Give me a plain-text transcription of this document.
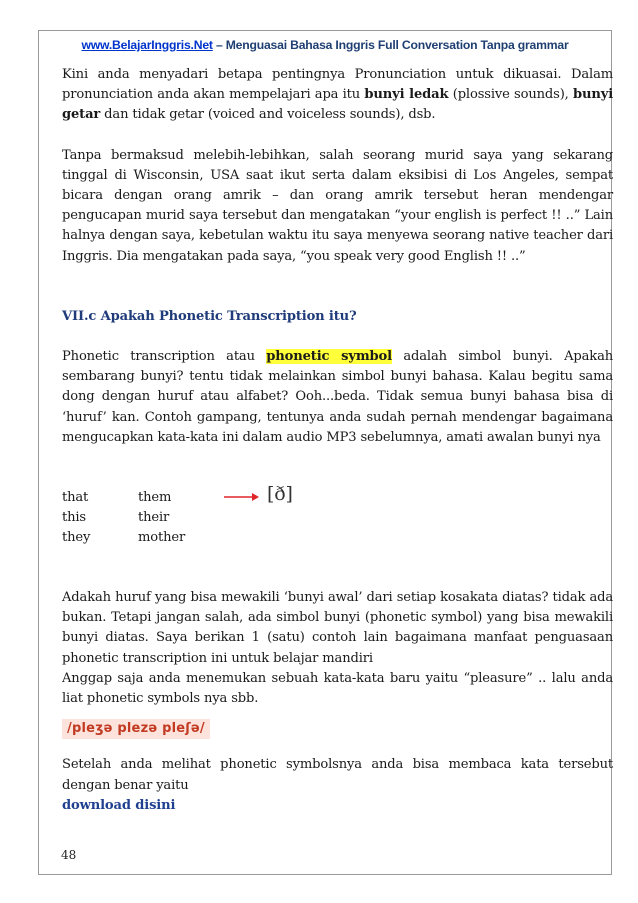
www.BelajarInggris.Net – Menguasai Bahasa Inggris Full Conversation Tanpa grammar

Kini anda menyadari betapa pentingnya Pronunciation untuk dikuasai. Dalam pronunciation anda akan mempelajari apa itu bunyi ledak (plossive sounds), bunyi getar dan tidak getar (voiced and voiceless sounds), dsb.

Tanpa bermaksud melebih-lebihkan, salah seorang murid saya yang sekarang tinggal di Wisconsin, USA saat ikut serta dalam eksibisi di Los Angeles, sempat bicara dengan orang amrik – dan orang amrik tersebut heran mendengar pengucapan murid saya tersebut dan mengatakan “your english is perfect !! ..” Lain halnya dengan saya, kebetulan waktu itu saya menyewa seorang native teacher dari Inggris. Dia mengatakan pada saya, “you speak very good English !! ..”

VII.c Apakah Phonetic Transcription itu?

Phonetic transcription atau phonetic symbol adalah simbol bunyi. Apakah sembarang bunyi? tentu tidak melainkan simbol bunyi bahasa. Kalau begitu sama dong dengan huruf atau alfabet? Ooh...beda. Tidak semua bunyi bahasa bisa di ‘huruf’ kan. Contoh gampang, tentunya anda sudah pernah mendengar bagaimana mengucapkan kata-kata ini dalam audio MP3 sebelumnya, amati awalan bunyi nya

that	them
this	their
they	mother
[ð]

Adakah huruf yang bisa mewakili ‘bunyi awal’ dari setiap kosakata diatas? tidak ada bukan. Tetapi jangan salah, ada simbol bunyi (phonetic symbol) yang bisa mewakili bunyi diatas. Saya berikan 1 (satu) contoh lain bagaimana manfaat penguasaan phonetic transcription ini untuk belajar mandiri

Anggap saja anda menemukan sebuah kata-kata baru yaitu “pleasure” .. lalu anda liat phonetic symbols nya sbb.

/pleʒə plezə pleʃə/

Setelah anda melihat phonetic symbolsnya anda bisa membaca kata tersebut dengan benar yaitu

download disini

48
